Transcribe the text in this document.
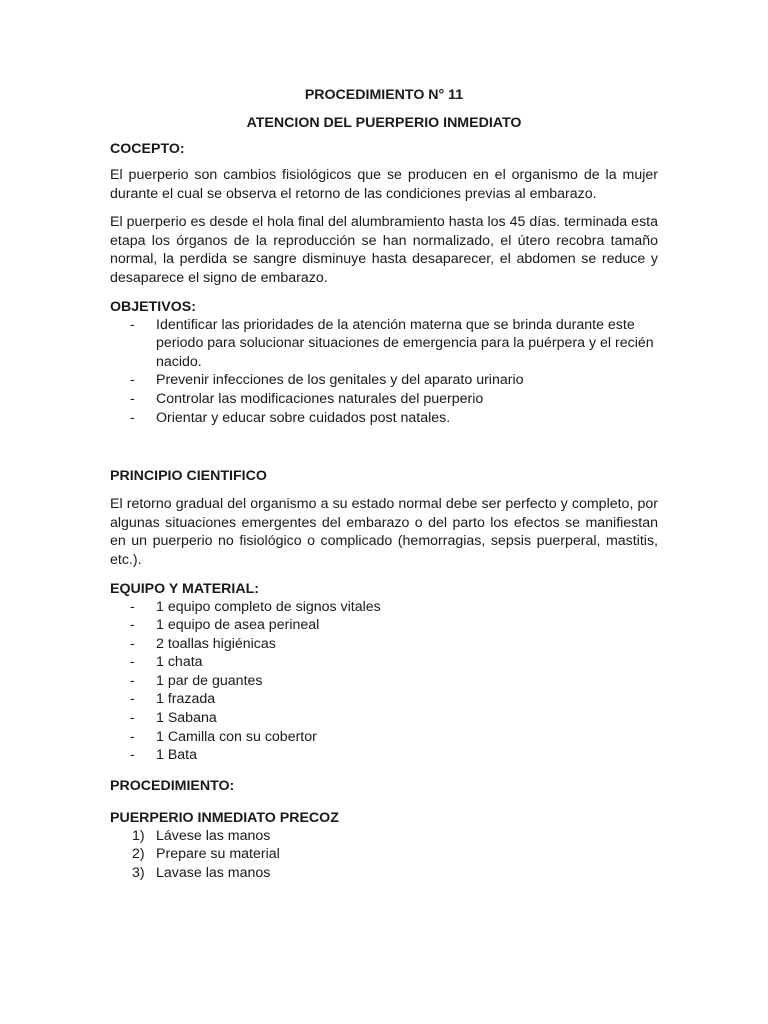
PROCEDIMIENTO N° 11
ATENCION DEL PUERPERIO INMEDIATO
COCEPTO:

El puerperio son cambios fisiológicos que se producen en el organismo de la mujer durante el cual se observa el retorno de las condiciones previas al embarazo.

El puerperio es desde el hola final del alumbramiento hasta los 45 días. terminada esta etapa los órganos de la reproducción se han normalizado, el útero recobra tamaño normal, la perdida se sangre disminuye hasta desaparecer, el abdomen se reduce y desaparece el signo de embarazo.

OBJETIVOS:
- Identificar las prioridades de la atención materna que se brinda durante este periodo para solucionar situaciones de emergencia para la puérpera y el recién nacido.
- Prevenir infecciones de los genitales y del aparato urinario
- Controlar las modificaciones naturales del puerperio
- Orientar y educar sobre cuidados post natales.
PRINCIPIO CIENTIFICO

El retorno gradual del organismo a su estado normal debe ser perfecto y completo, por algunas situaciones emergentes del embarazo o del parto los efectos se manifiestan en un puerperio no fisiológico o complicado (hemorragias, sepsis puerperal, mastitis, etc.).

EQUIPO Y MATERIAL:
- 1 equipo completo de signos vitales
- 1 equipo de asea perineal
- 2 toallas higiénicas
- 1 chata
- 1 par de guantes
- 1 frazada
- 1 Sabana
- 1 Camilla con su cobertor
- 1 Bata
PROCEDIMIENTO:
PUERPERIO INMEDIATO PRECOZ
1) Lávese las manos
2) Prepare su material
3) Lavase las manos
